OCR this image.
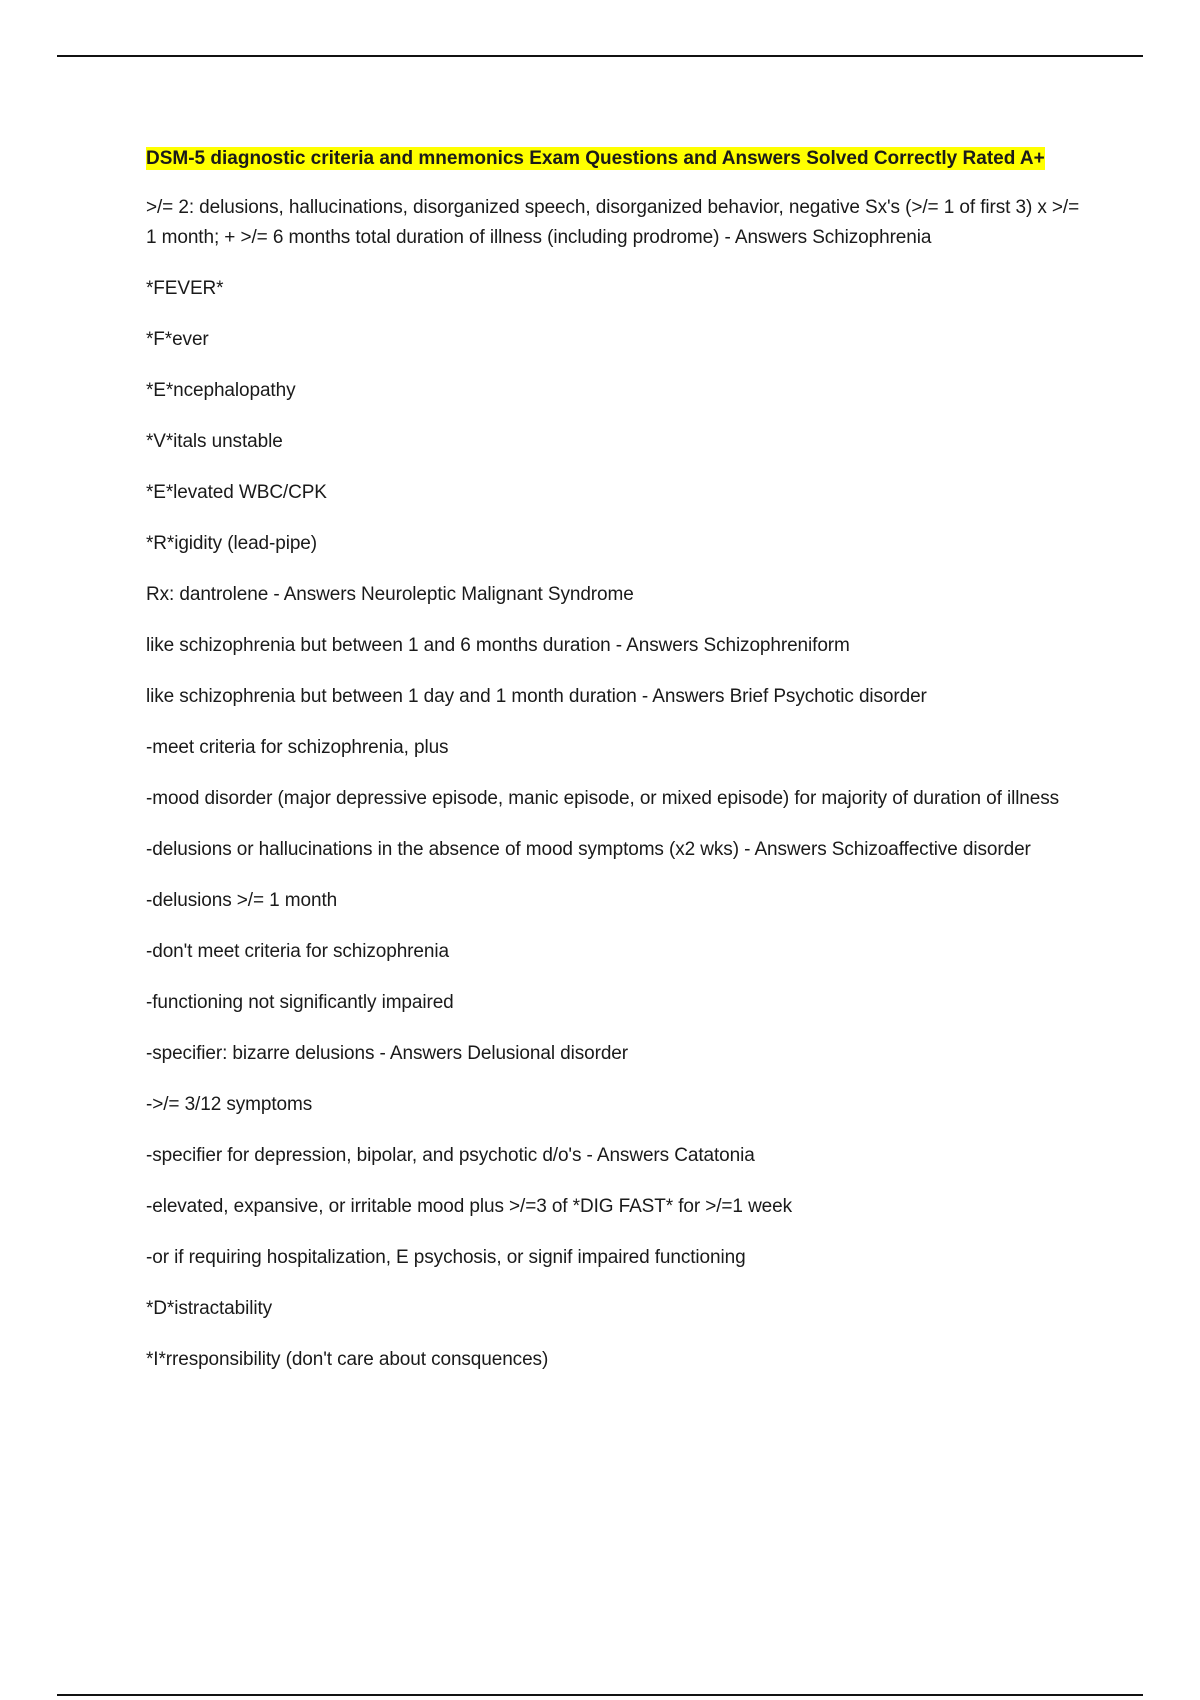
DSM-5 diagnostic criteria and mnemonics Exam Questions and Answers Solved Correctly Rated A+

>/= 2: delusions, hallucinations, disorganized speech, disorganized behavior, negative Sx's (>/= 1 of first 3) x >/= 1 month; + >/= 6 months total duration of illness (including prodrome) - Answers Schizophrenia

*FEVER*

*F*ever

*E*ncephalopathy

*V*itals unstable

*E*levated WBC/CPK

*R*igidity (lead-pipe)

Rx: dantrolene - Answers Neuroleptic Malignant Syndrome

like schizophrenia but between 1 and 6 months duration - Answers Schizophreniform

like schizophrenia but between 1 day and 1 month duration - Answers Brief Psychotic disorder

-meet criteria for schizophrenia, plus

-mood disorder (major depressive episode, manic episode, or mixed episode) for majority of duration of illness

-delusions or hallucinations in the absence of mood symptoms (x2 wks) - Answers Schizoaffective disorder

-delusions >/= 1 month

-don't meet criteria for schizophrenia

-functioning not significantly impaired

-specifier: bizarre delusions - Answers Delusional disorder

->/= 3/12 symptoms

-specifier for depression, bipolar, and psychotic d/o's - Answers Catatonia

-elevated, expansive, or irritable mood plus >/=3 of *DIG FAST* for >/=1 week

-or if requiring hospitalization, E psychosis, or signif impaired functioning

*D*istractability

*I*rresponsibility (don't care about consquences)
